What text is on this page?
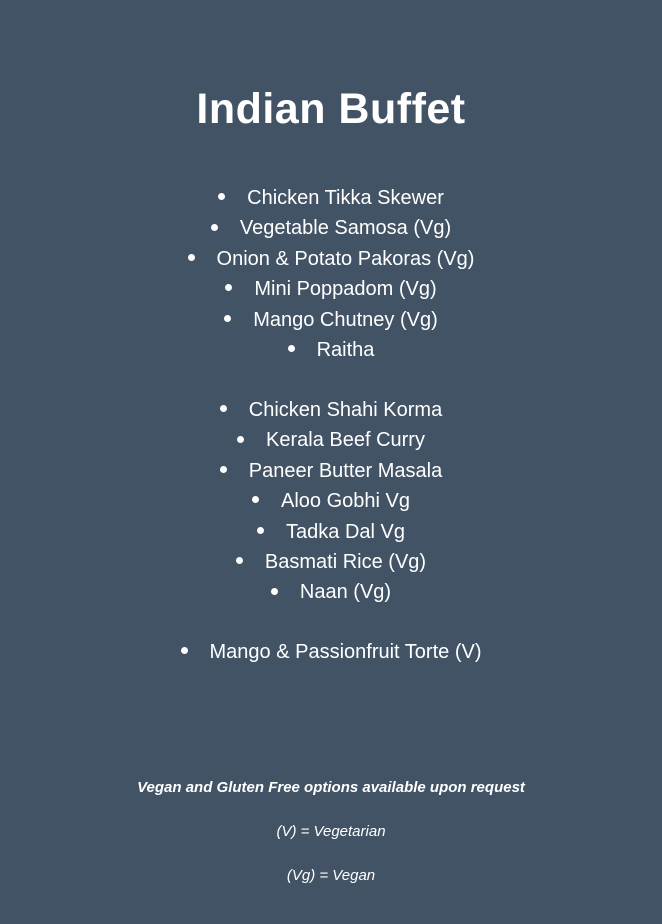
Indian Buffet
Chicken Tikka Skewer
Vegetable Samosa (Vg)
Onion & Potato Pakoras (Vg)
Mini Poppadom (Vg)
Mango Chutney (Vg)
Raitha
Chicken Shahi Korma
Kerala Beef Curry
Paneer Butter Masala
Aloo Gobhi Vg
Tadka Dal Vg
Basmati Rice (Vg)
Naan (Vg)
Mango & Passionfruit Torte (V)
Vegan and Gluten Free options available upon request
(V) = Vegetarian
(Vg) = Vegan
